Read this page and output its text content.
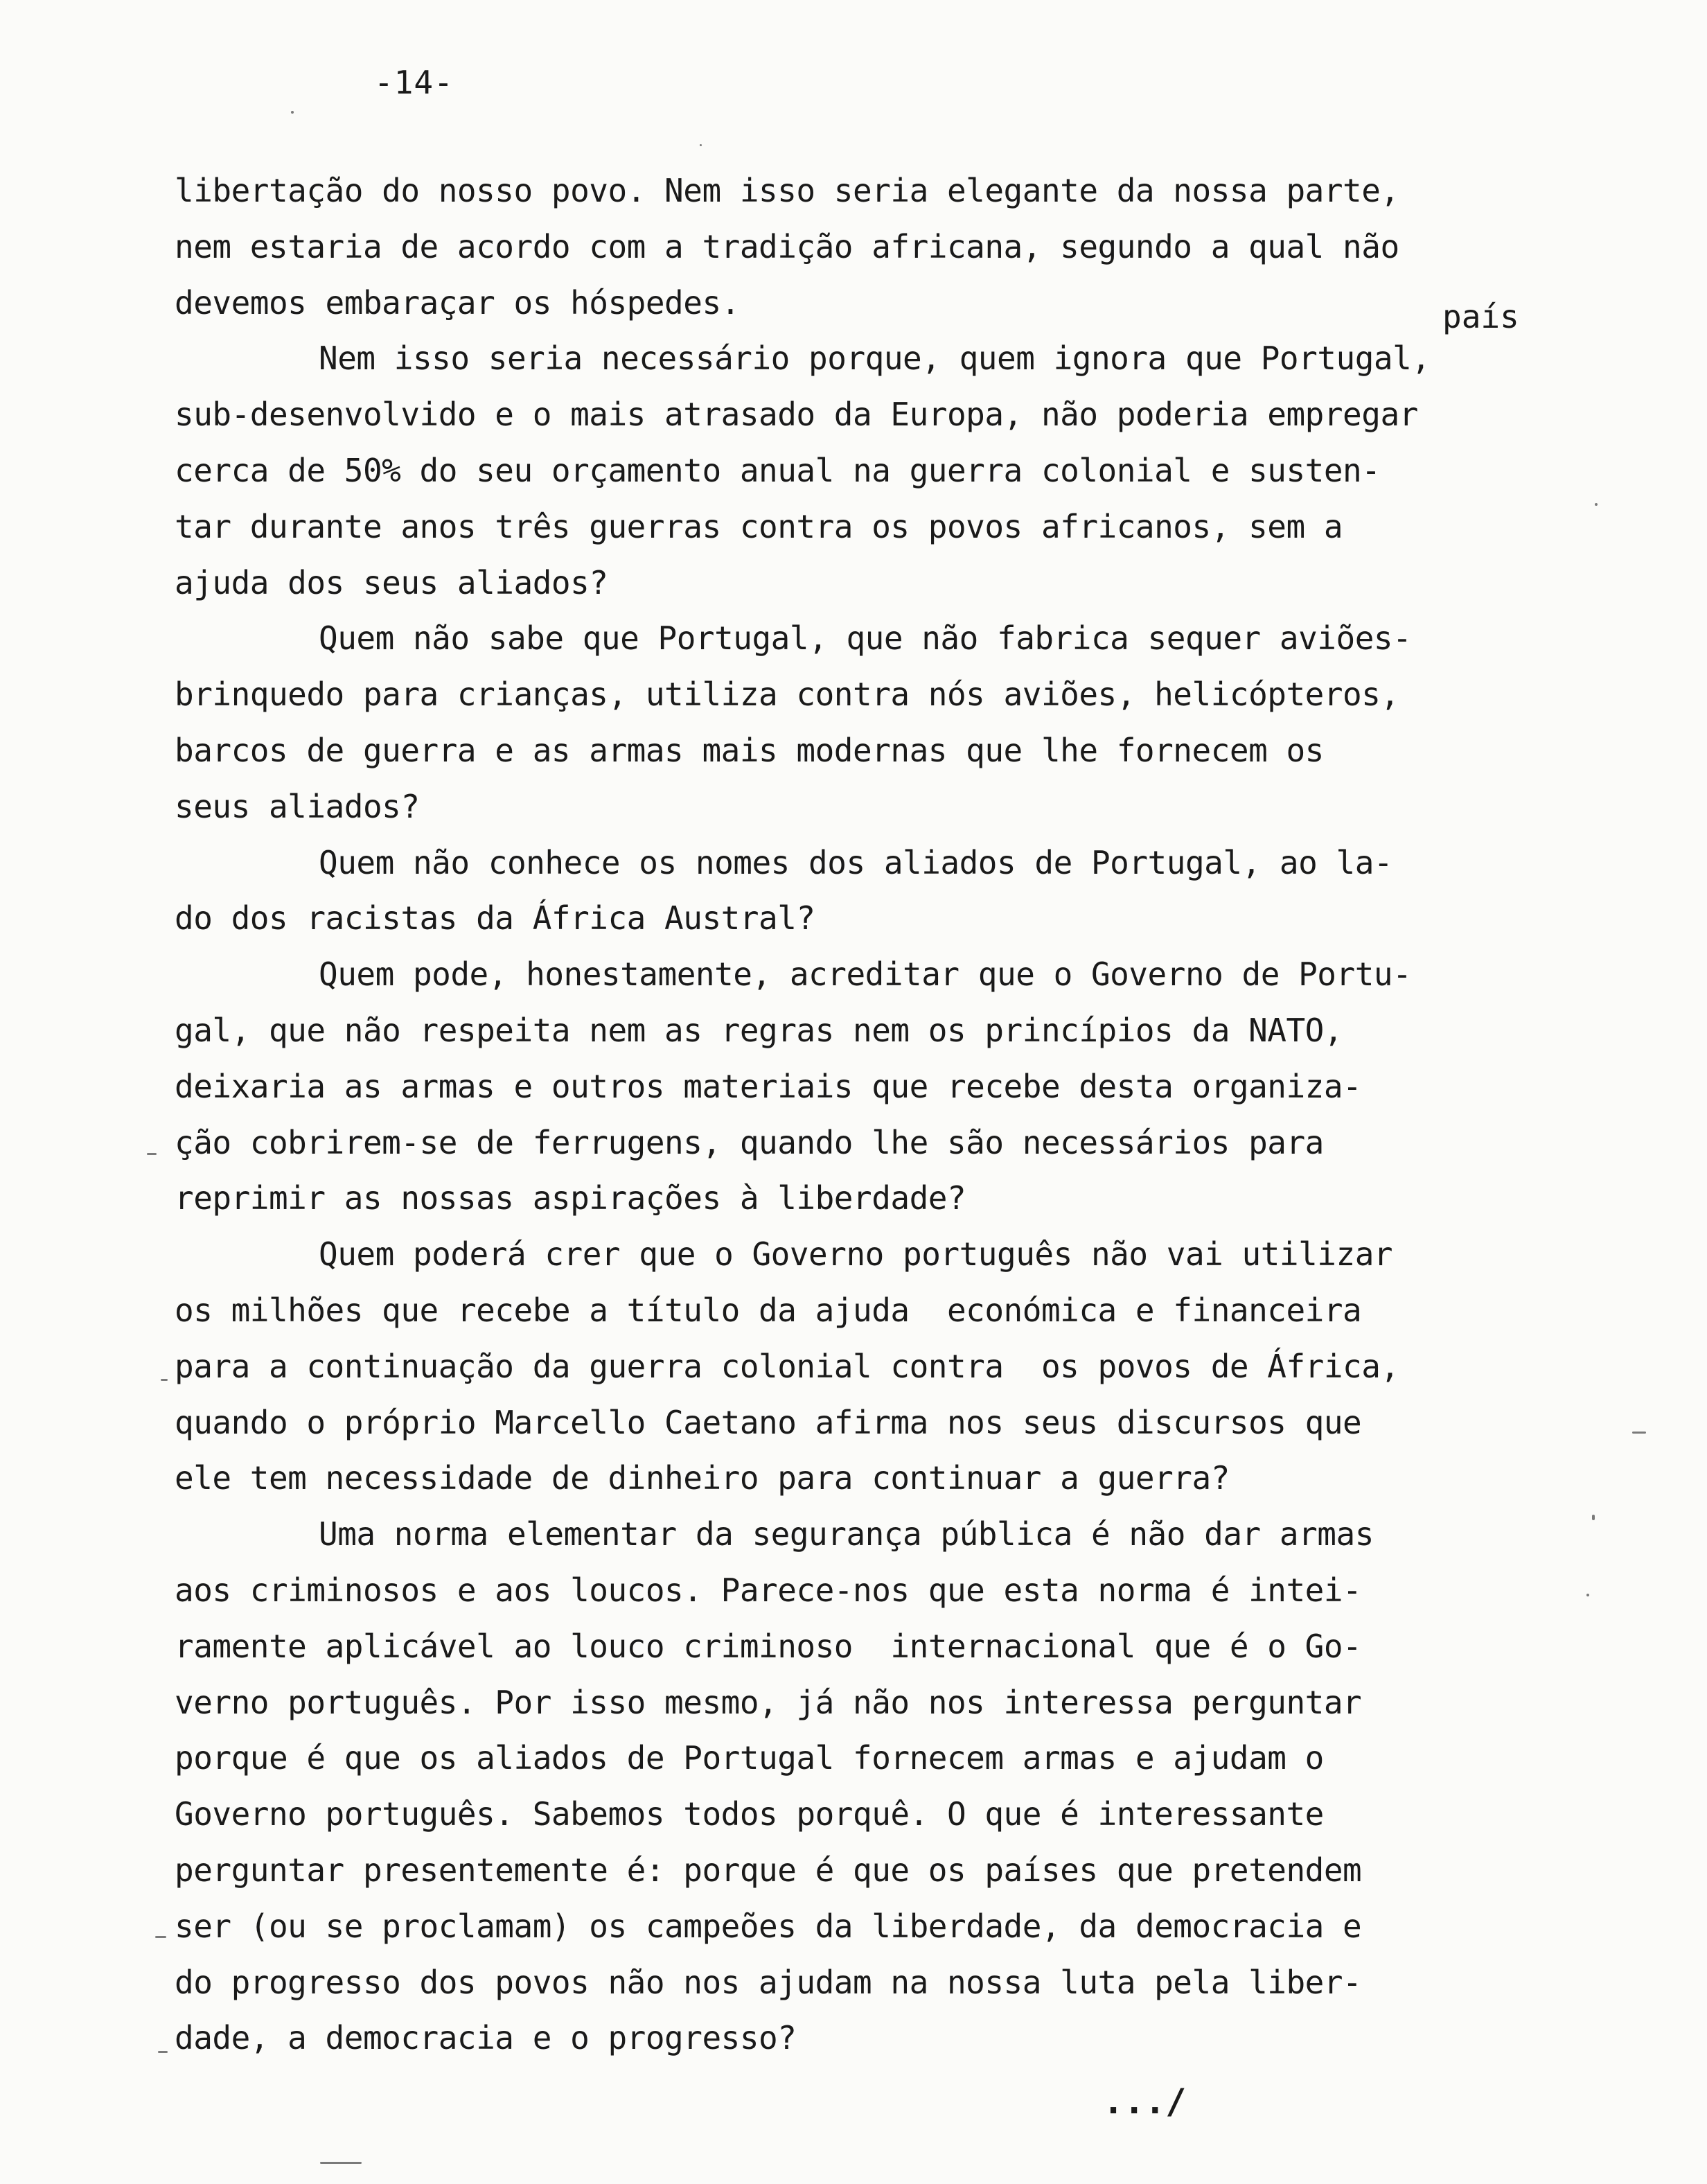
-14-
país
libertação do nosso povo. Nem isso seria elegante da nossa parte,
nem estaria de acordo com a tradição africana, segundo a qual não
devemos embaraçar os hóspedes.
Nem isso seria necessário porque, quem ignora que Portugal,
sub-desenvolvido e o mais atrasado da Europa, não poderia empregar
cerca de 50% do seu orçamento anual na guerra colonial e susten-
tar durante anos três guerras contra os povos africanos, sem a
ajuda dos seus aliados?
Quem não sabe que Portugal, que não fabrica sequer aviões-
brinquedo para crianças, utiliza contra nós aviões, helicópteros,
barcos de guerra e as armas mais modernas que lhe fornecem os
seus aliados?
Quem não conhece os nomes dos aliados de Portugal, ao la-
do dos racistas da África Austral?
Quem pode, honestamente, acreditar que o Governo de Portu-
gal, que não respeita nem as regras nem os princípios da NATO,
deixaria as armas e outros materiais que recebe desta organiza-
ção cobrirem-se de ferrugens, quando lhe são necessários para
reprimir as nossas aspirações à liberdade?
Quem poderá crer que o Governo português não vai utilizar
os milhões que recebe a título da ajuda  económica e financeira
para a continuação da guerra colonial contra  os povos de África,
quando o próprio Marcello Caetano afirma nos seus discursos que
ele tem necessidade de dinheiro para continuar a guerra?
Uma norma elementar da segurança pública é não dar armas
aos criminosos e aos loucos. Parece-nos que esta norma é intei-
ramente aplicável ao louco criminoso  internacional que é o Go-
verno português. Por isso mesmo, já não nos interessa perguntar
porque é que os aliados de Portugal fornecem armas e ajudam o
Governo português. Sabemos todos porquê. O que é interessante
perguntar presentemente é: porque é que os países que pretendem
ser (ou se proclamam) os campeões da liberdade, da democracia e
do progresso dos povos não nos ajudam na nossa luta pela liber-
dade, a democracia e o progresso?
.../
